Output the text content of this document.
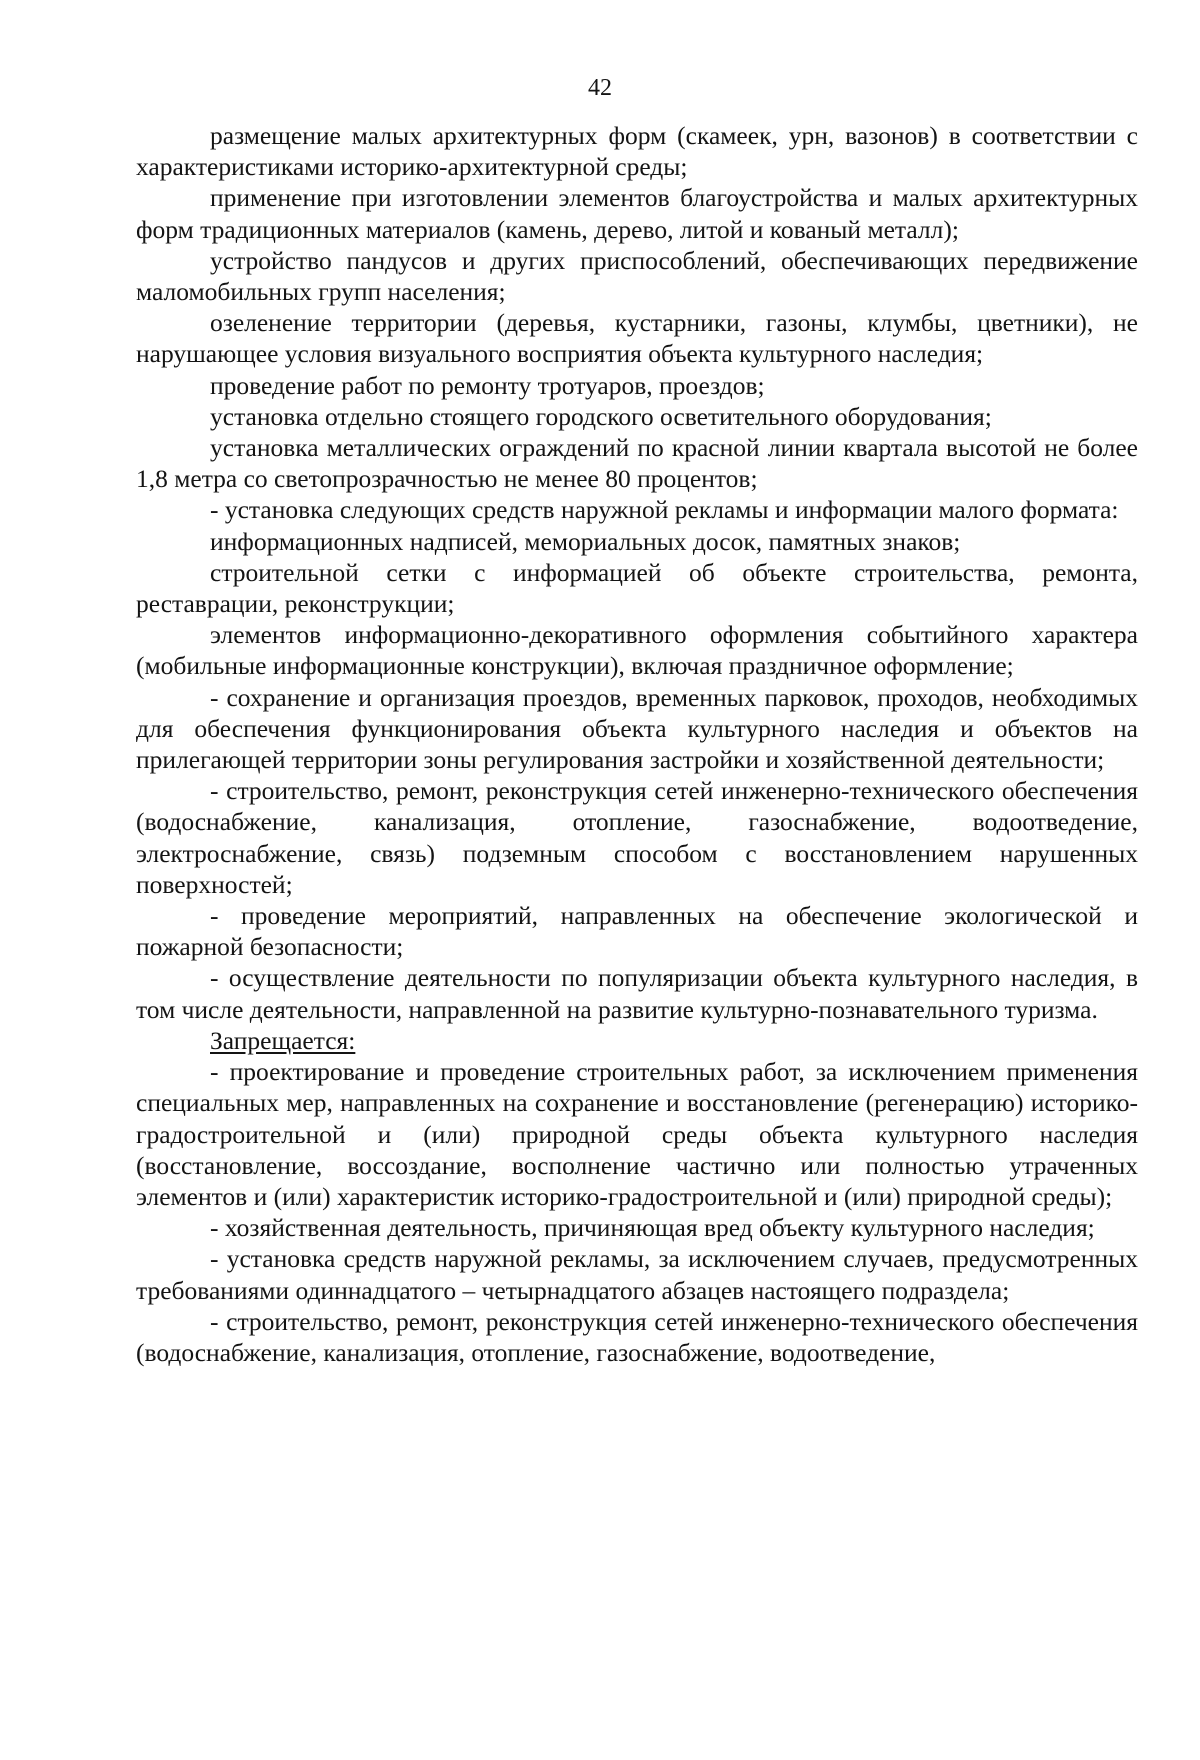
42

размещение малых архитектурных форм (скамеек, урн, вазонов) в соответствии с характеристиками историко-архитектурной среды;

применение при изготовлении элементов благоустройства и малых архитектурных форм традиционных материалов (камень, дерево, литой и кованый металл);

устройство пандусов и других приспособлений, обеспечивающих передвижение маломобильных групп населения;

озеленение территории (деревья, кустарники, газоны, клумбы, цветники), не нарушающее условия визуального восприятия объекта культурного наследия;

проведение работ по ремонту тротуаров, проездов;

установка отдельно стоящего городского осветительного оборудования;

установка металлических ограждений по красной линии квартала высотой не более 1,8 метра со светопрозрачностью не менее 80 процентов;

- установка следующих средств наружной рекламы и информации малого формата:

информационных надписей, мемориальных досок, памятных знаков;

строительной сетки с информацией об объекте строительства, ремонта, реставрации, реконструкции;

элементов информационно-декоративного оформления событийного характера (мобильные информационные конструкции), включая праздничное оформление;

- сохранение и организация проездов, временных парковок, проходов, необходимых для обеспечения функционирования объекта культурного наследия и объектов на прилегающей территории зоны регулирования застройки и хозяйственной деятельности;

- строительство, ремонт, реконструкция сетей инженерно-технического обеспечения (водоснабжение, канализация, отопление, газоснабжение, водоотведение, электроснабжение, связь) подземным способом с восстановлением нарушенных поверхностей;

- проведение мероприятий, направленных на обеспечение экологической и пожарной безопасности;

- осуществление деятельности по популяризации объекта культурного наследия, в том числе деятельности, направленной на развитие культурно-познавательного туризма.

Запрещается:

- проектирование и проведение строительных работ, за исключением применения специальных мер, направленных на сохранение и восстановление (регенерацию) историко-градостроительной и (или) природной среды объекта культурного наследия (восстановление, воссоздание, восполнение частично или полностью утраченных элементов и (или) характеристик историко-градостроительной и (или) природной среды);

- хозяйственная деятельность, причиняющая вред объекту культурного наследия;

- установка средств наружной рекламы, за исключением случаев, предусмотренных требованиями одиннадцатого – четырнадцатого абзацев настоящего подраздела;

- строительство, ремонт, реконструкция сетей инженерно-технического обеспечения (водоснабжение, канализация, отопление, газоснабжение, водоотведение,
